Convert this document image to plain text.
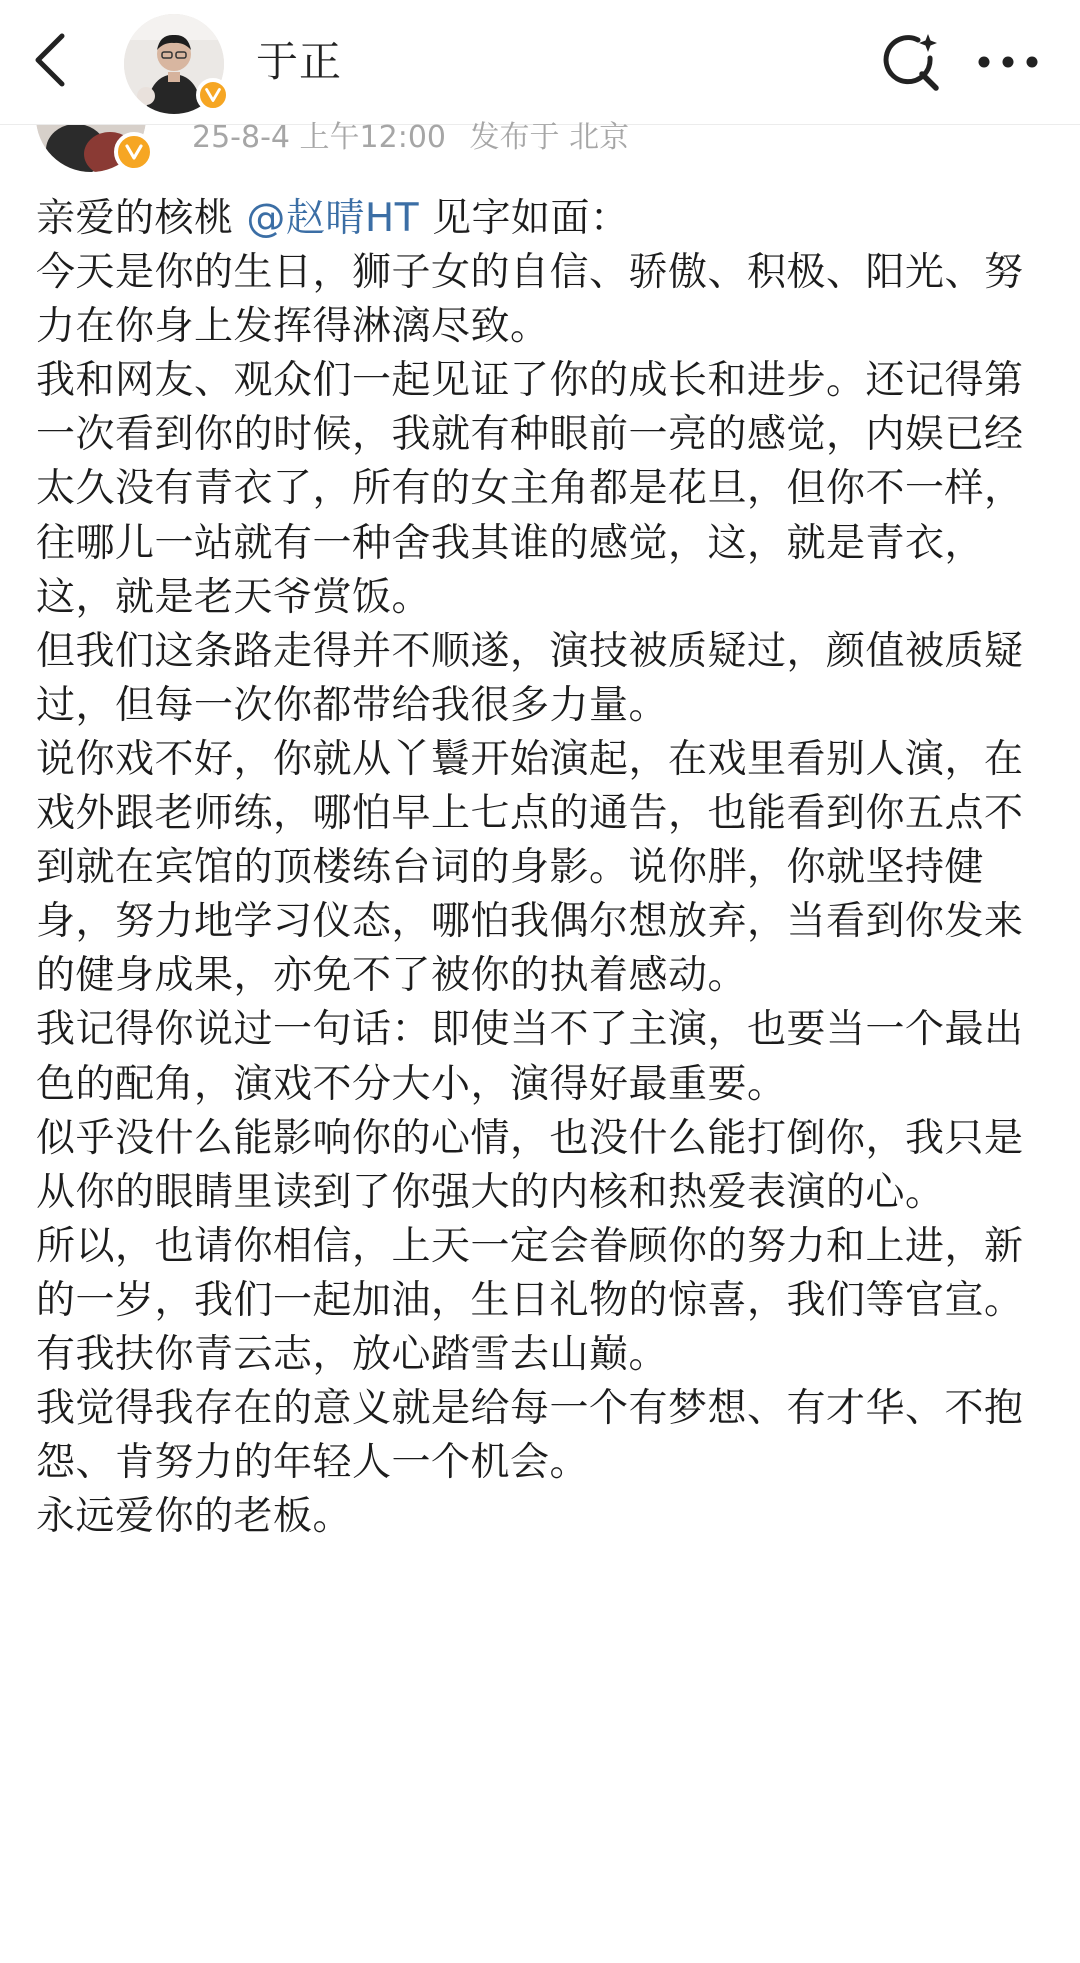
25-8-4 上午12:00 发布于 北京
于正

亲爱的核桃 @赵晴HT 见字如面：

今天是你的生日，狮子女的自信、骄傲、积极、阳光、努力在你身上发挥得淋漓尽致。

我和网友、观众们一起见证了你的成长和进步。还记得第一次看到你的时候，我就有种眼前一亮的感觉，内娱已经太久没有青衣了，所有的女主角都是花旦，但你不一样，往哪儿一站就有一种舍我其谁的感觉，这，就是青衣，这，就是老天爷赏饭。

但我们这条路走得并不顺遂，演技被质疑过，颜值被质疑过，但每一次你都带给我很多力量。

说你戏不好，你就从丫鬟开始演起，在戏里看别人演，在戏外跟老师练，哪怕早上七点的通告，也能看到你五点不到就在宾馆的顶楼练台词的身影。说你胖，你就坚持健身，努力地学习仪态，哪怕我偶尔想放弃，当看到你发来的健身成果，亦免不了被你的执着感动。

我记得你说过一句话：即使当不了主演，也要当一个最出色的配角，演戏不分大小，演得好最重要。

似乎没什么能影响你的心情，也没什么能打倒你，我只是从你的眼睛里读到了你强大的内核和热爱表演的心。

所以，也请你相信，上天一定会眷顾你的努力和上进，新的一岁，我们一起加油，生日礼物的惊喜，我们等官宣。

有我扶你青云志，放心踏雪去山巅。

我觉得我存在的意义就是给每一个有梦想、有才华、不抱怨、肯努力的年轻人一个机会。

永远爱你的老板。
